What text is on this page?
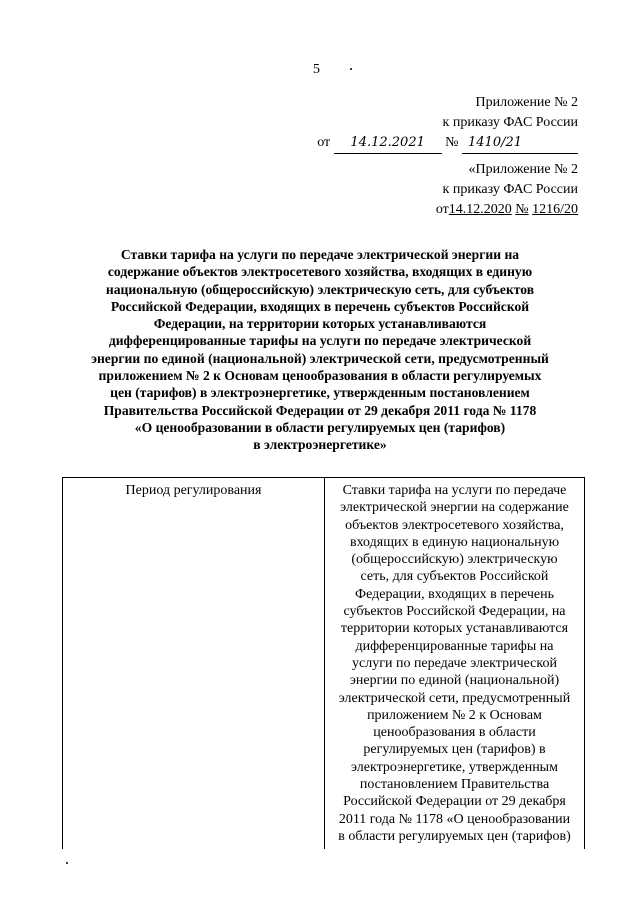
5
Приложение № 2
к приказу ФАС России
от 14.12.2021 № 1410/21
«Приложение № 2
к приказу ФАС России
от14.12.2020 № 1216/20
Ставки тарифа на услуги по передаче электрической энергии на
содержание объектов электросетевого хозяйства, входящих в единую
национальную (общероссийскую) электрическую сеть, для субъектов
Российской Федерации, входящих в перечень субъектов Российской
Федерации, на территории которых устанавливаются
дифференцированные тарифы на услуги по передаче электрической
энергии по единой (национальной) электрической сети, предусмотренный
приложением № 2 к Основам ценообразования в области регулируемых
цен (тарифов) в электроэнергетике, утвержденным постановлением
Правительства Российской Федерации от 29 декабря 2011 года № 1178
«О ценообразовании в области регулируемых цен (тарифов)
в электроэнергетике»
Период регулирования	Ставки тарифа на услуги по передаче
электрической энергии на содержание
объектов электросетевого хозяйства,
входящих в единую национальную
(общероссийскую) электрическую
сеть, для субъектов Российской
Федерации, входящих в перечень
субъектов Российской Федерации, на
территории которых устанавливаются
дифференцированные тарифы на
услуги по передаче электрической
энергии по единой (национальной)
электрической сети, предусмотренный
приложением № 2 к Основам
ценообразования в области
регулируемых цен (тарифов) в
электроэнергетике, утвержденным
постановлением Правительства
Российской Федерации от 29 декабря
2011 года № 1178 «О ценообразовании
в области регулируемых цен (тарифов)
